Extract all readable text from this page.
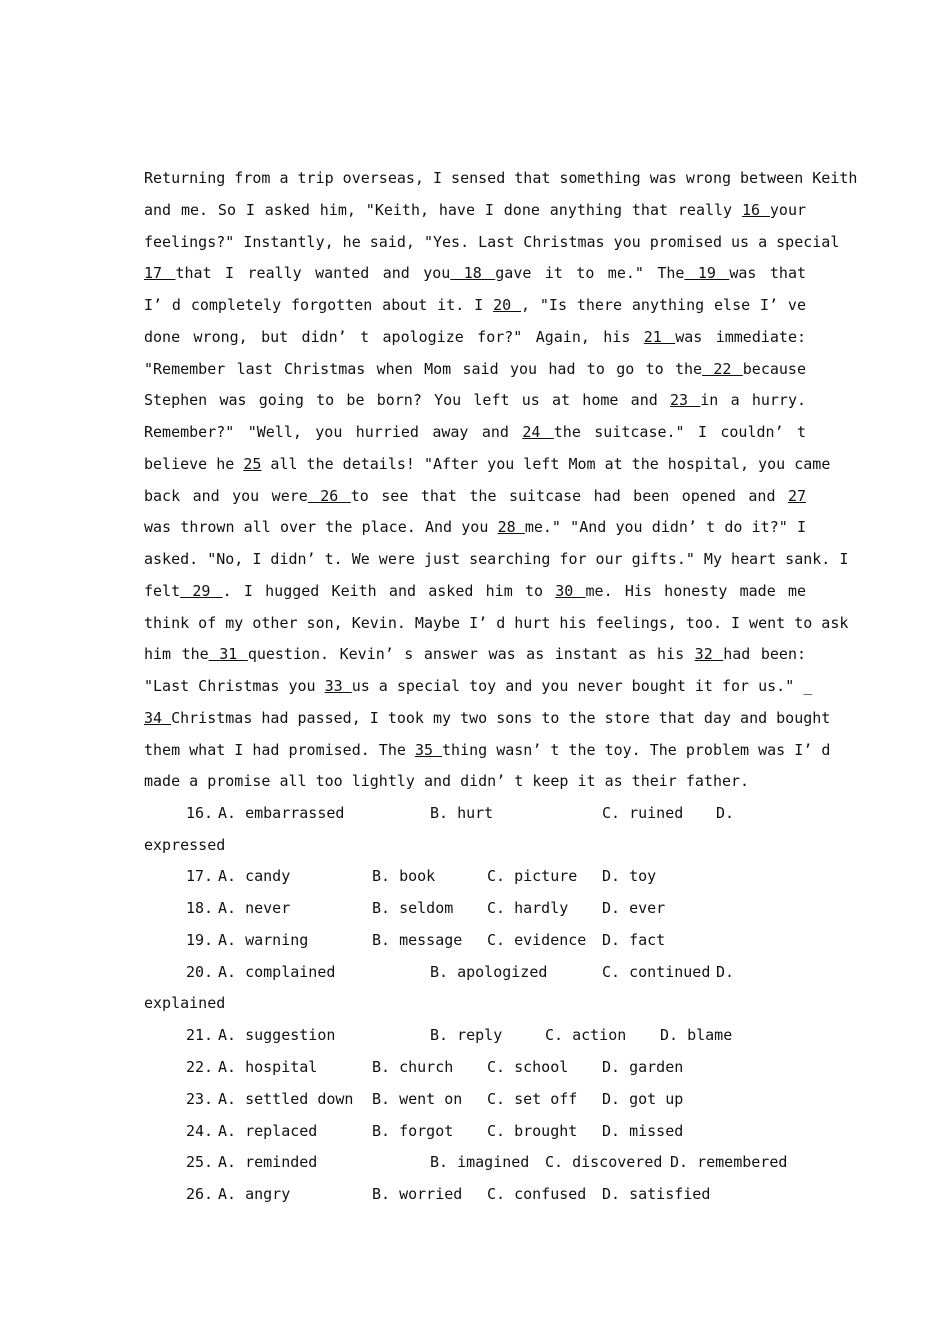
Returning from a trip overseas, I sensed that something was wrong between Keith
and me. So I asked him, "Keith, have I done anything that really 16 your
feelings?" Instantly, he said, "Yes. Last Christmas you promised us a special
17 that I really wanted and you 18 gave it to me." The 19 was that
I’ d completely forgotten about it. I 20 , "Is there anything else I’ ve
done wrong, but didn’ t apologize for?" Again, his 21 was immediate:
"Remember last Christmas when Mom said you had to go to the 22 because
Stephen was going to be born? You left us at home and 23 in a hurry.
Remember?" "Well, you hurried away and 24 the suitcase." I couldn’ t
believe he 25 all the details! "After you left Mom at the hospital, you came
back and you were 26 to see that the suitcase had been opened and 27
was thrown all over the place. And you 28 me." "And you didn’ t do it?" I
asked. "No, I didn’ t. We were just searching for our gifts." My heart sank. I
felt 29 . I hugged Keith and asked him to 30 me. His honesty made me
think of my other son, Kevin. Maybe I’ d hurt his feelings, too. I went to ask
him the 31 question. Kevin’ s answer was as instant as his 32 had been:
"Last Christmas you 33 us a special toy and you never bought it for us." _
34 Christmas had passed, I took my two sons to the store that day and bought
them what I had promised. The 35 thing wasn’ t the toy. The problem was I’ d
made a promise all too lightly and didn’ t keep it as their father.
16. A. embarrassed	B. hurt	C. ruined D.
expressed
17. A. candy	B. book	C. picture D. toy
18. A. never	B. seldom C. hardly D. ever
19. A. warning	B. message C. evidence D. fact
20. A. complained	B. apologized	C. continued D.
explained
21. A. suggestion	B. reply	C. action D. blame
22. A. hospital	B. church C. school D. garden
23. A. settled down B. went on C. set off D. got up
24. A. replaced	B. forgot C. brought D. missed
25. A. reminded	B. imagined C. discovered D. remembered
26. A. angry	B. worried C. confused D. satisfied
